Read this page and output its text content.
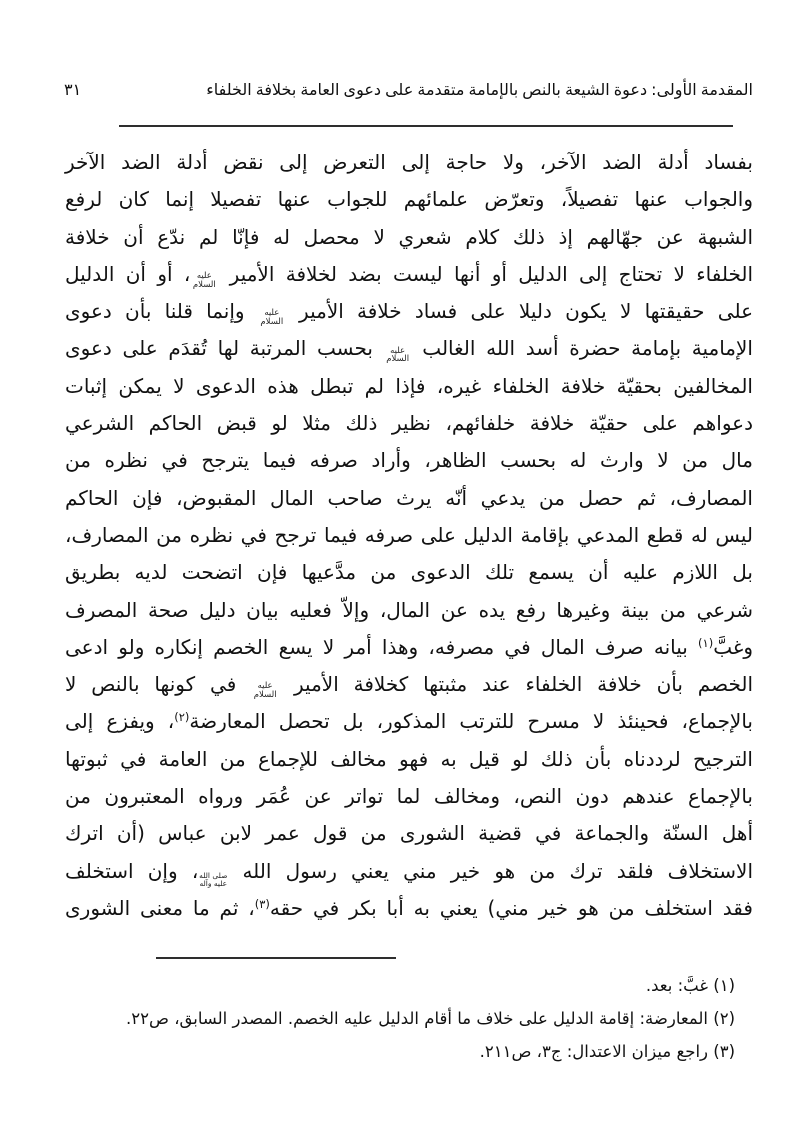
المقدمة الأولى: دعوة الشيعة بالنص بالإمامة متقدمة على دعوى العامة بخلافة الخلفاء
٣١
بفساد أدلة الضد الآخر، ولا حاجة إلى التعرض إلى نقض أدلة الضد الآخر
والجواب عنها تفصيلاً، وتعرّض علمائهم للجواب عنها تفصيلا إنما كان لرفع
الشبهة عن جهّالهم إذ ذلك كلام شعري لا محصل له فإنّا لم ندّع أن خلافة
الخلفاء لا تحتاج إلى الدليل أو أنها ليست بضد لخلافة الأمير عليه السلام، أو أن الدليل
على حقيقتها لا يكون دليلا على فساد خلافة الأمير عليه السلام وإنما قلنا بأن دعوى
الإمامية بإمامة حضرة أسد الله الغالب عليه السلام بحسب المرتبة لها تُقدَم على دعوى
المخالفين بحقيّة خلافة الخلفاء غيره، فإذا لم تبطل هذه الدعوى لا يمكن إثبات
دعواهم على حقيّة خلافة خلفائهم، نظير ذلك مثلا لو قبض الحاكم الشرعي
مال من لا وارث له بحسب الظاهر، وأراد صرفه فيما يترجح في نظره من
المصارف، ثم حصل من يدعي أنّه يرث صاحب المال المقبوض، فإن الحاكم
ليس له قطع المدعي بإقامة الدليل على صرفه فيما ترجح في نظره من المصارف،
بل اللازم عليه أن يسمع تلك الدعوى من مدَّعيها فإن اتضحت لديه بطريق
شرعي من بينة وغيرها رفع يده عن المال، وإلاّ فعليه بيان دليل صحة المصرف
وغبَّ$^{(١)}$ بيانه صرف المال في مصرفه، وهذا أمر لا يسع الخصم إنكاره ولو ادعى
الخصم بأن خلافة الخلفاء عند مثبتها كخلافة الأمير عليه السلام في كونها بالنص لا
بالإجماع، فحينئذ لا مسرح للترتب المذكور، بل تحصل المعارضة$^{(٢)}$، ويفزع إلى
الترجيح لرددناه بأن ذلك لو قيل به فهو مخالف للإجماع من العامة في ثبوتها
بالإجماع عندهم دون النص، ومخالف لما تواتر عن عُمَر ورواه المعتبرون من
أهل السنّة والجماعة في قضية الشورى من قول عمر لابن عباس (أن اترك
الاستخلاف فلقد ترك من هو خير مني يعني رسول الله صلى الله عليه وآله، وإن استخلف
فقد استخلف من هو خير مني) يعني به أبا بكر في حقه$^{(٣)}$، ثم ما معنى الشورى
(١) غبَّ: بعد.
(٢) المعارضة: إقامة الدليل على خلاف ما أقام الدليل عليه الخصم. المصدر السابق، ص٢٢.
(٣) راجع ميزان الاعتدال: ج٣، ص٢١١.
